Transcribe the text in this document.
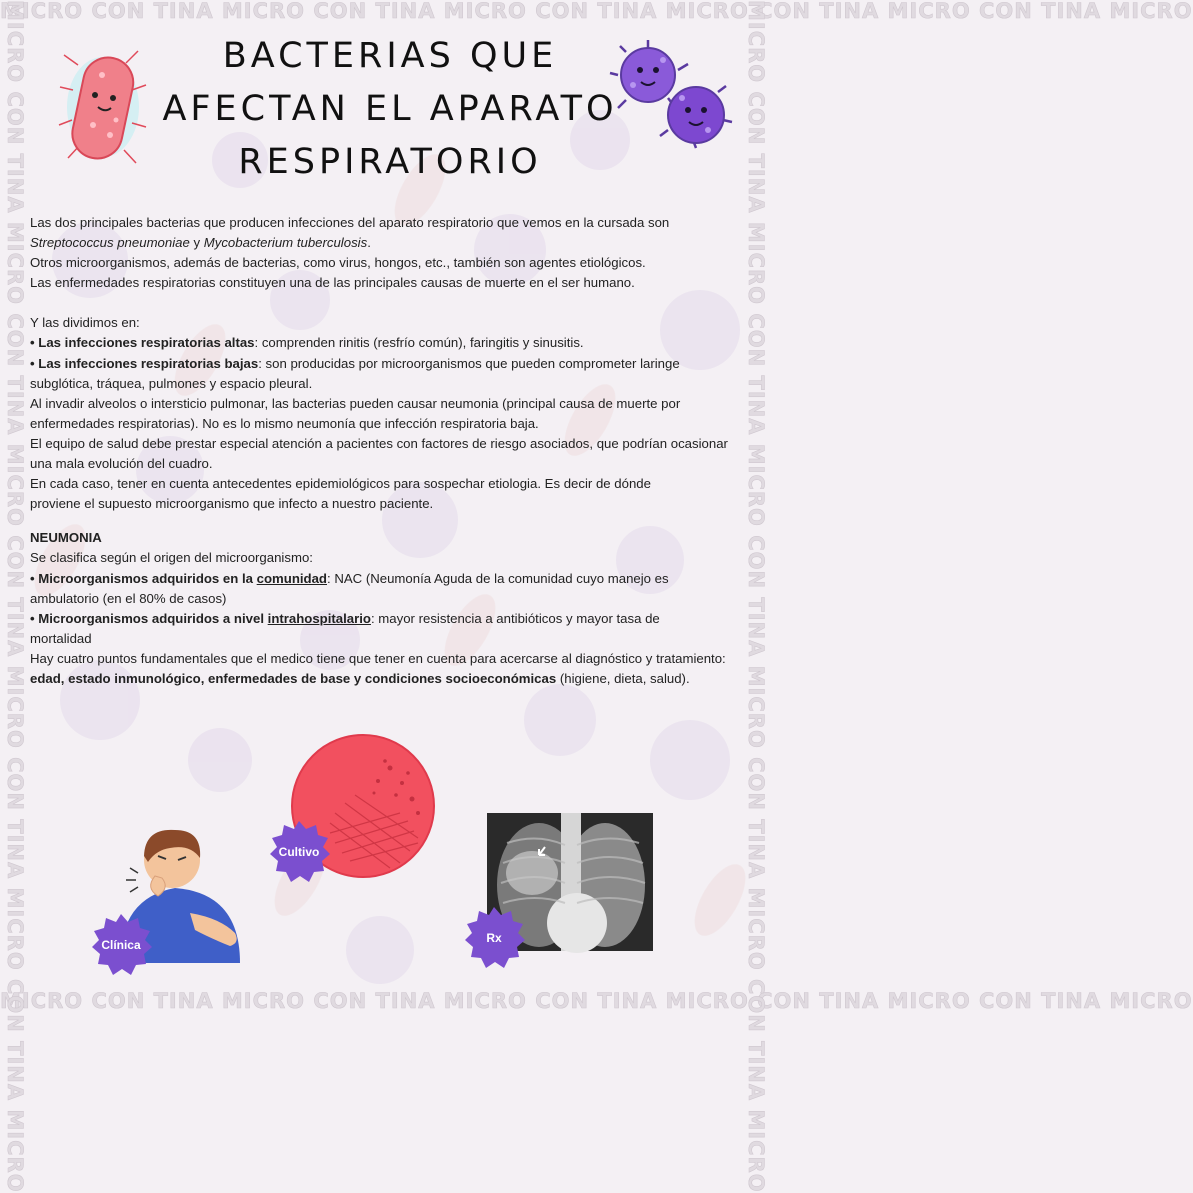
MICRO CON TINA MICRO CON TINA MICRO CON TINA MICRO CON TINA MICRO CON TINA MICRO
MICRO CON TINA MICRO CON TINA MICRO CON TINA MICRO CON TINA MICRO CON TINA MICRO
MICRO CON TINA MICRO CON TINA MICRO CON TINA MICRO CON TINA MICRO CON TINA MICRO	MICRO CON TINA MICRO CON TINA MICRO CON TINA MICRO CON TINA MICRO CON TINA MICRO
BACTERIAS QUE
AFECTAN EL APARATO
RESPIRATORIO

Las dos principales bacterias que producen infecciones del aparato respiratorio que vemos en la cursada son Streptococcus pneumoniae y Mycobacterium tuberculosis.

Otros microorganismos, además de bacterias, como virus, hongos, etc., también son agentes etiológicos.

Las enfermedades respiratorias constituyen una de las principales causas de muerte en el ser humano.

Y las dividimos en:

• Las infecciones respiratorias altas: comprenden rinitis (resfrío común), faringitis y sinusitis.

• Las infecciones respiratorias bajas: son producidas por microorganismos que pueden comprometer laringe subglótica, tráquea, pulmones y espacio pleural.

Al invadir alveolos o intersticio pulmonar, las bacterias pueden causar neumonia (principal causa de muerte por enfermedades respiratorias). No es lo mismo neumonía que infección respiratoria baja.

El equipo de salud debe prestar especial atención a pacientes con factores de riesgo asociados, que podrían ocasionar una mala evolución del cuadro.

En cada caso, tener en cuenta antecedentes epidemiológicos para sospechar etiologia. Es decir de dónde proviene el supuesto microorganismo que infecto a nuestro paciente.

NEUMONIA

Se clasifica según el origen del microorganismo:

• Microorganismos adquiridos en la comunidad: NAC (Neumonía Aguda de la comunidad cuyo manejo es ambulatorio (en el 80% de casos)

• Microorganismos adquiridos a nivel intrahospitalario: mayor resistencia a antibióticos y mayor tasa de mortalidad

Hay cuatro puntos fundamentales que el medico tiene que tener en cuenta para acercarse al diagnóstico y tratamiento: edad, estado inmunológico, enfermedades de base y condiciones socioeconómicas (higiene, dieta, salud).

Cultivo
Clínica	Rx
